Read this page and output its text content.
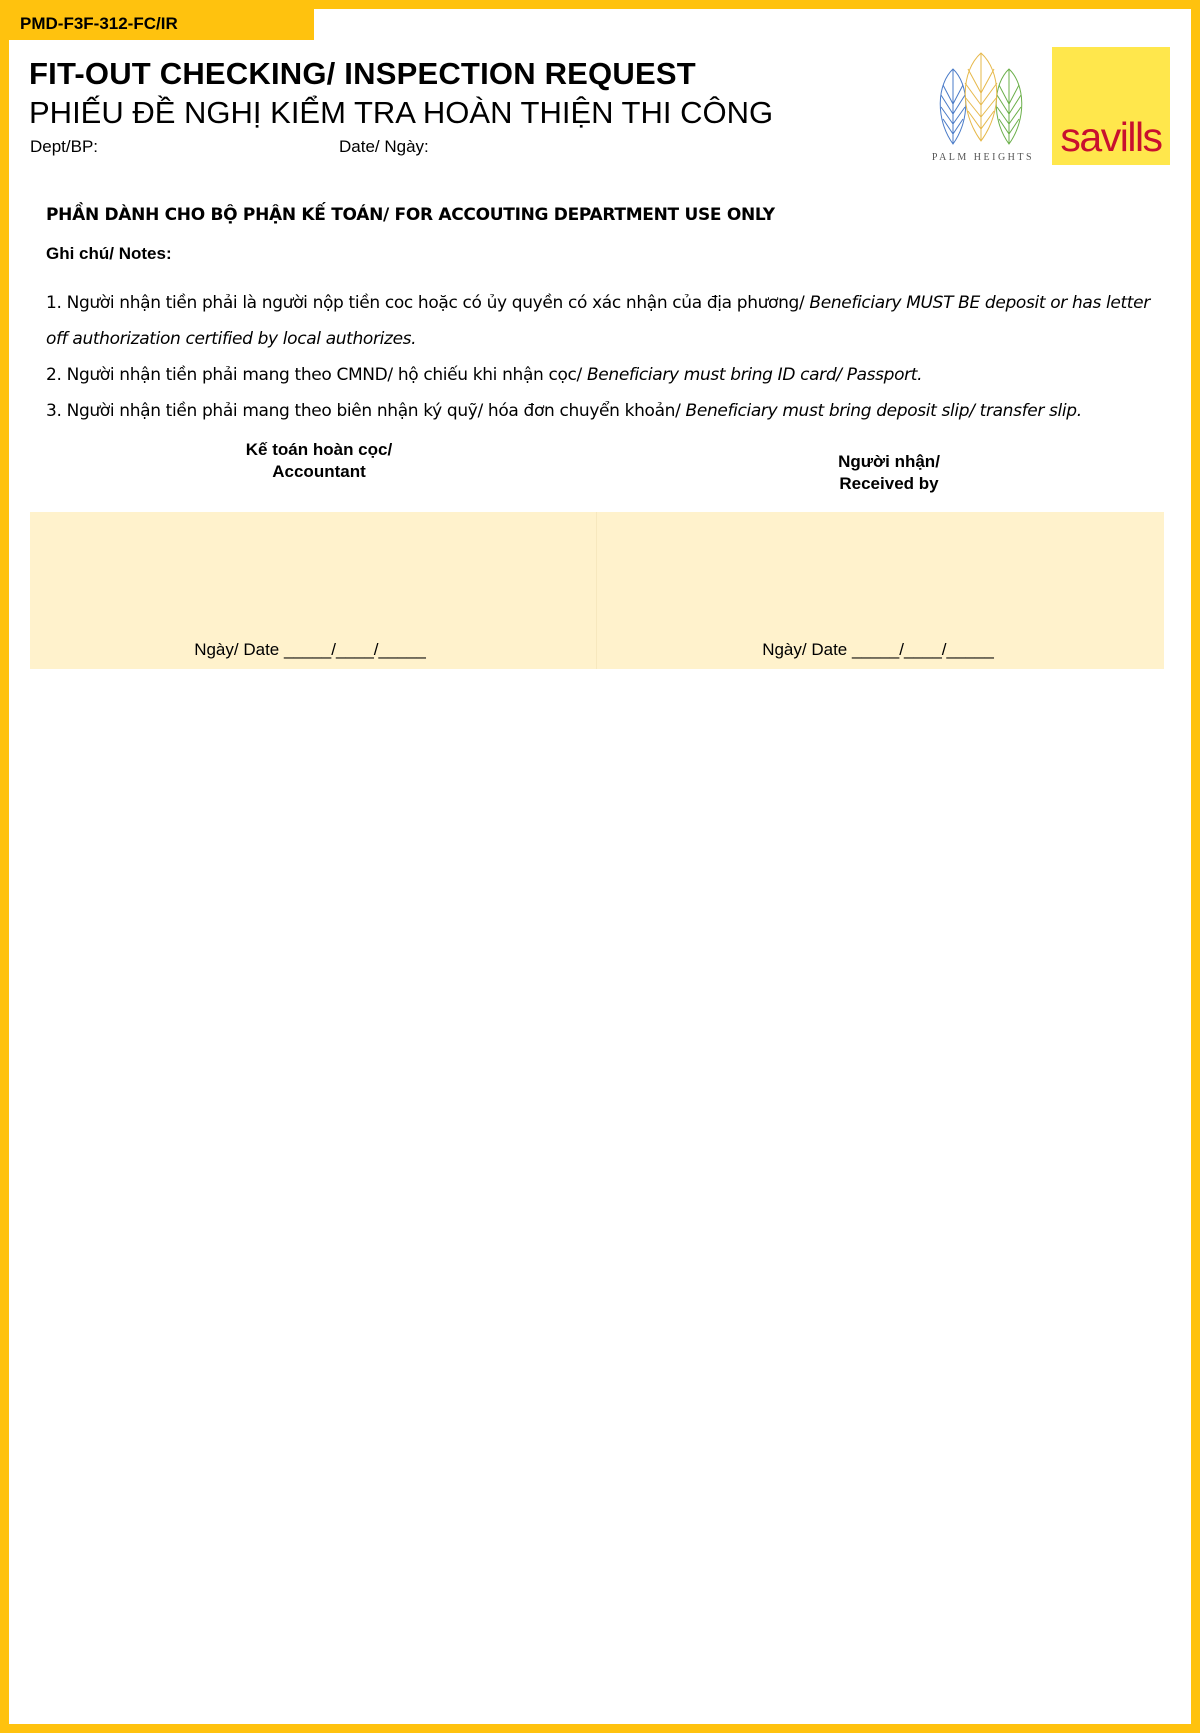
PMD-F3F-312-FC/IR
FIT-OUT CHECKING/ INSPECTION REQUEST
PHIẾU ĐỀ NGHỊ KIỂM TRA HOÀN THIỆN THI CÔNG
Dept/BP:	Date/ Ngày:
PALM HEIGHTS savills
PHẦN DÀNH CHO BỘ PHẬN KẾ TOÁN/ FOR ACCOUTING DEPARTMENT USE ONLY
Ghi chú/ Notes:

1. Người nhận tiền phải là người nộp tiền coc hoặc có ủy quyền có xác nhận của địa phương/ Beneficiary MUST BE deposit or has letter off authorization certified by local authorizes.

2. Người nhận tiền phải mang theo CMND/ hộ chiếu khi nhận cọc/ Beneficiary must bring ID card/ Passport.

3. Người nhận tiền phải mang theo biên nhận ký quỹ/ hóa đơn chuyển khoản/ Beneficiary must bring deposit slip/ transfer slip.

Kế toán hoàn cọc/
Accountant
Người nhận/
Received by
Ngày/ Date _____/____/_____	Ngày/ Date _____/____/_____
